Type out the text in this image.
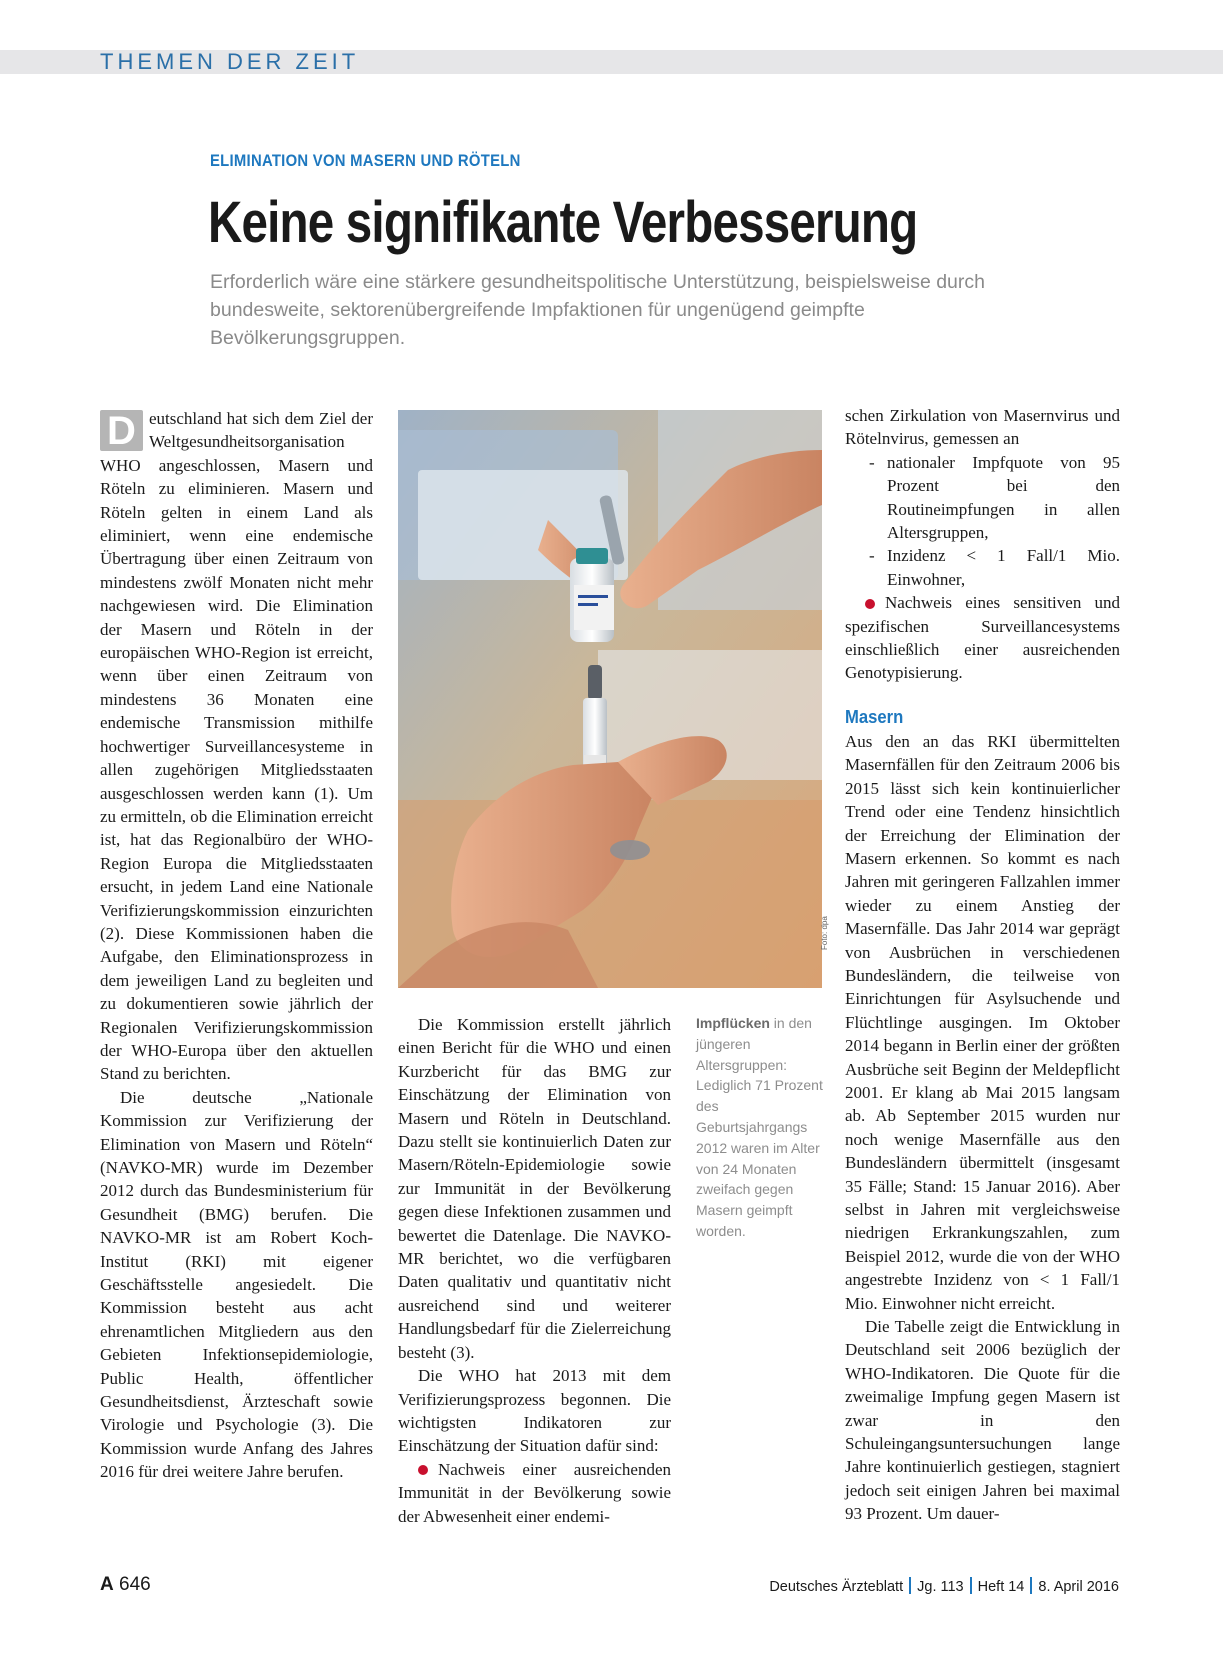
THEMEN DER ZEIT
ELIMINATION VON MASERN UND RÖTELN
Keine signifikante Verbesserung
Erforderlich wäre eine stärkere gesundheitspolitische Unterstützung, beispielsweise durch bundesweite, sektorenübergreifende Impfaktionen für ungenügend geimpfte Bevölkerungsgruppen.

D eutschland hat sich dem Ziel der Weltgesundheitsorganisation WHO angeschlossen, Masern und Röteln zu eliminieren. Masern und Röteln gelten in einem Land als eliminiert, wenn eine endemische Übertragung über einen Zeitraum von mindestens zwölf Monaten nicht mehr nachgewiesen wird. Die Elimination der Masern und Röteln in der europäischen WHO-Region ist erreicht, wenn über einen Zeitraum von mindestens 36 Monaten eine endemische Transmission mithilfe hochwertiger Surveillancesysteme in allen zugehörigen Mitgliedsstaaten ausgeschlossen werden kann (1). Um zu ermitteln, ob die Elimination erreicht ist, hat das Regionalbüro der WHO-Region Europa die Mitgliedsstaaten ersucht, in jedem Land eine Nationale Verifizierungskommission einzurichten (2). Diese Kommissionen haben die Aufgabe, den Eliminationsprozess in dem jeweiligen Land zu begleiten und zu dokumentieren sowie jährlich der Regionalen Verifizierungskommission der WHO-Europa über den aktuellen Stand zu berichten.

Die deutsche „Nationale Kommission zur Verifizierung der Elimination von Masern und Röteln“ (NAVKO-MR) wurde im Dezember 2012 durch das Bundesministerium für Gesundheit (BMG) berufen. Die NAVKO-MR ist am Robert Koch-Institut (RKI) mit eigener Geschäftsstelle angesiedelt. Die Kommission besteht aus acht ehrenamtlichen Mitgliedern aus den Gebieten Infektionsepidemiologie, Public Health, öffentlicher Gesundheitsdienst, Ärzteschaft sowie Virologie und Psychologie (3). Die Kommission wurde Anfang des Jahres 2016 für drei weitere Jahre berufen.

Foto: dpa
Impflücken in den jüngeren Altersgruppen: Lediglich 71 Prozent des Geburtsjahrgangs 2012 waren im Alter von 24 Monaten zweifach gegen Masern geimpft worden.

Die Kommission erstellt jährlich einen Bericht für die WHO und einen Kurzbericht für das BMG zur Einschätzung der Elimination von Masern und Röteln in Deutschland. Dazu stellt sie kontinuierlich Daten zur Masern/Röteln-Epidemiologie sowie zur Immunität in der Bevölkerung gegen diese Infektionen zusammen und bewertet die Datenlage. Die NAVKO-MR berichtet, wo die verfügbaren Daten qualitativ und quantitativ nicht ausreichend sind und weiterer Handlungsbedarf für die Zielerreichung besteht (3).

Die WHO hat 2013 mit dem Verifizierungsprozess begonnen. Die wichtigsten Indikatoren zur Einschätzung der Situation dafür sind:

Nachweis einer ausreichenden Immunität in der Bevölkerung sowie der Abwesenheit einer endemi-

schen Zirkulation von Masernvirus und Rötelnvirus, gemessen an

- nationaler Impfquote von 95 Prozent bei den Routineimpfungen in allen Altersgruppen,

- Inzidenz < 1 Fall/1 Mio. Einwohner,

Nachweis eines sensitiven und spezifischen Surveillancesystems einschließlich einer ausreichenden Genotypisierung.

Masern

Aus den an das RKI übermittelten Masernfällen für den Zeitraum 2006 bis 2015 lässt sich kein kontinuierlicher Trend oder eine Tendenz hinsichtlich der Erreichung der Elimination der Masern erkennen. So kommt es nach Jahren mit geringeren Fallzahlen immer wieder zu einem Anstieg der Masernfälle. Das Jahr 2014 war geprägt von Ausbrüchen in verschiedenen Bundesländern, die teilweise von Einrichtungen für Asylsuchende und Flüchtlinge ausgingen. Im Oktober 2014 begann in Berlin einer der größten Ausbrüche seit Beginn der Meldepflicht 2001. Er klang ab Mai 2015 langsam ab. Ab September 2015 wurden nur noch wenige Masernfälle aus den Bundesländern übermittelt (insgesamt 35 Fälle; Stand: 15 Januar 2016). Aber selbst in Jahren mit vergleichsweise niedrigen Erkrankungszahlen, zum Beispiel 2012, wurde die von der WHO angestrebte Inzidenz von < 1 Fall/1 Mio. Einwohner nicht erreicht.

Die Tabelle zeigt die Entwicklung in Deutschland seit 2006 bezüglich der WHO-Indikatoren. Die Quote für die zweimalige Impfung gegen Masern ist zwar in den Schuleingangsuntersuchungen lange Jahre kontinuierlich gestiegen, stagniert jedoch seit einigen Jahren bei maximal 93 Prozent. Um dauer-

A 646	Deutsches Ärzteblatt Jg. 113 Heft 14 8. April 2016
